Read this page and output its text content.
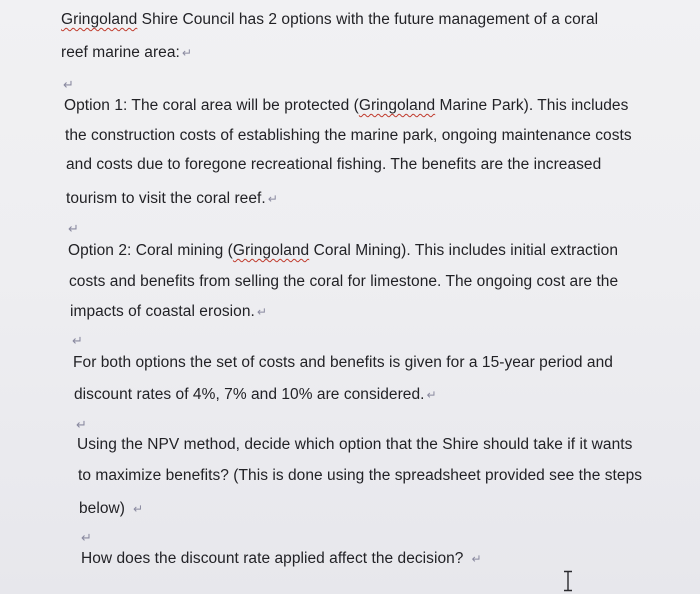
Gringoland Shire Council has 2 options with the future management of a coral
reef marine area: ↵
↵
Option 1: The coral area will be protected (Gringoland Marine Park). This includes
the construction costs of establishing the marine park, ongoing maintenance costs
and costs due to foregone recreational fishing. The benefits are the increased
tourism to visit the coral reef. ↵
↵
Option 2: Coral mining (Gringoland Coral Mining). This includes initial extraction
costs and benefits from selling the coral for limestone. The ongoing cost are the
impacts of coastal erosion. ↵
↵
For both options the set of costs and benefits is given for a 15-year period and
discount rates of 4%, 7% and 10% are considered. ↵
↵
Using the NPV method, decide which option that the Shire should take if it wants
to maximize benefits? (This is done using the spreadsheet provided see the steps
below) ↵
↵
How does the discount rate applied affect the decision? ↵
